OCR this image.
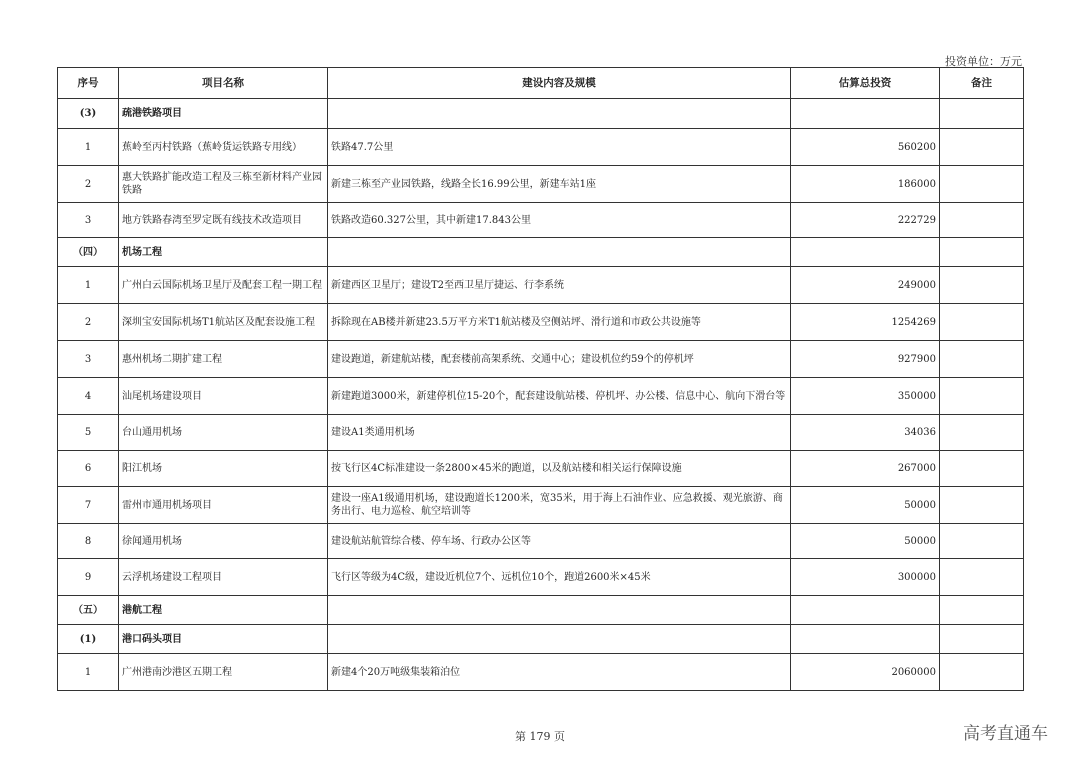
投资单位：万元
序号	项目名称	建设内容及规模	估算总投资	备注
(3)	疏港铁路项目			
1	蕉岭至丙村铁路（蕉岭货运铁路专用线）	铁路47.7公里	560200	
2	惠大铁路扩能改造工程及三栋至新材料产业园铁路	新建三栋至产业园铁路，线路全长16.99公里，新建车站1座	186000	
3	地方铁路春湾至罗定既有线技术改造项目	铁路改造60.327公里，其中新建17.843公里	222729	
（四）	机场工程			
1	广州白云国际机场卫星厅及配套工程一期工程	新建西区卫星厅；建设T2至西卫星厅捷运、行李系统	249000	
2	深圳宝安国际机场T1航站区及配套设施工程	拆除现在AB楼并新建23.5万平方米T1航站楼及空侧站坪、滑行道和市政公共设施等	1254269	
3	惠州机场二期扩建工程	建设跑道，新建航站楼，配套楼前高架系统、交通中心；建设机位约59个的停机坪	927900	
4	汕尾机场建设项目	新建跑道3000米，新建停机位15-20个，配套建设航站楼、停机坪、办公楼、信息中心、航向下滑台等	350000	
5	台山通用机场	建设A1类通用机场	34036	
6	阳江机场	按飞行区4C标准建设一条2800×45米的跑道，以及航站楼和相关运行保障设施	267000	
7	雷州市通用机场项目	建设一座A1级通用机场，建设跑道长1200米，宽35米，用于海上石油作业、应急救援、观光旅游、商务出行、电力巡检、航空培训等	50000	
8	徐闻通用机场	建设航站航管综合楼、停车场、行政办公区等	50000	
9	云浮机场建设工程项目	飞行区等级为4C级，建设近机位7个、远机位10个，跑道2600米×45米	300000	
（五）	港航工程			
(1)	港口码头项目			
1	广州港南沙港区五期工程	新建4个20万吨级集装箱泊位	2060000	
第 179 页	高考直通车
